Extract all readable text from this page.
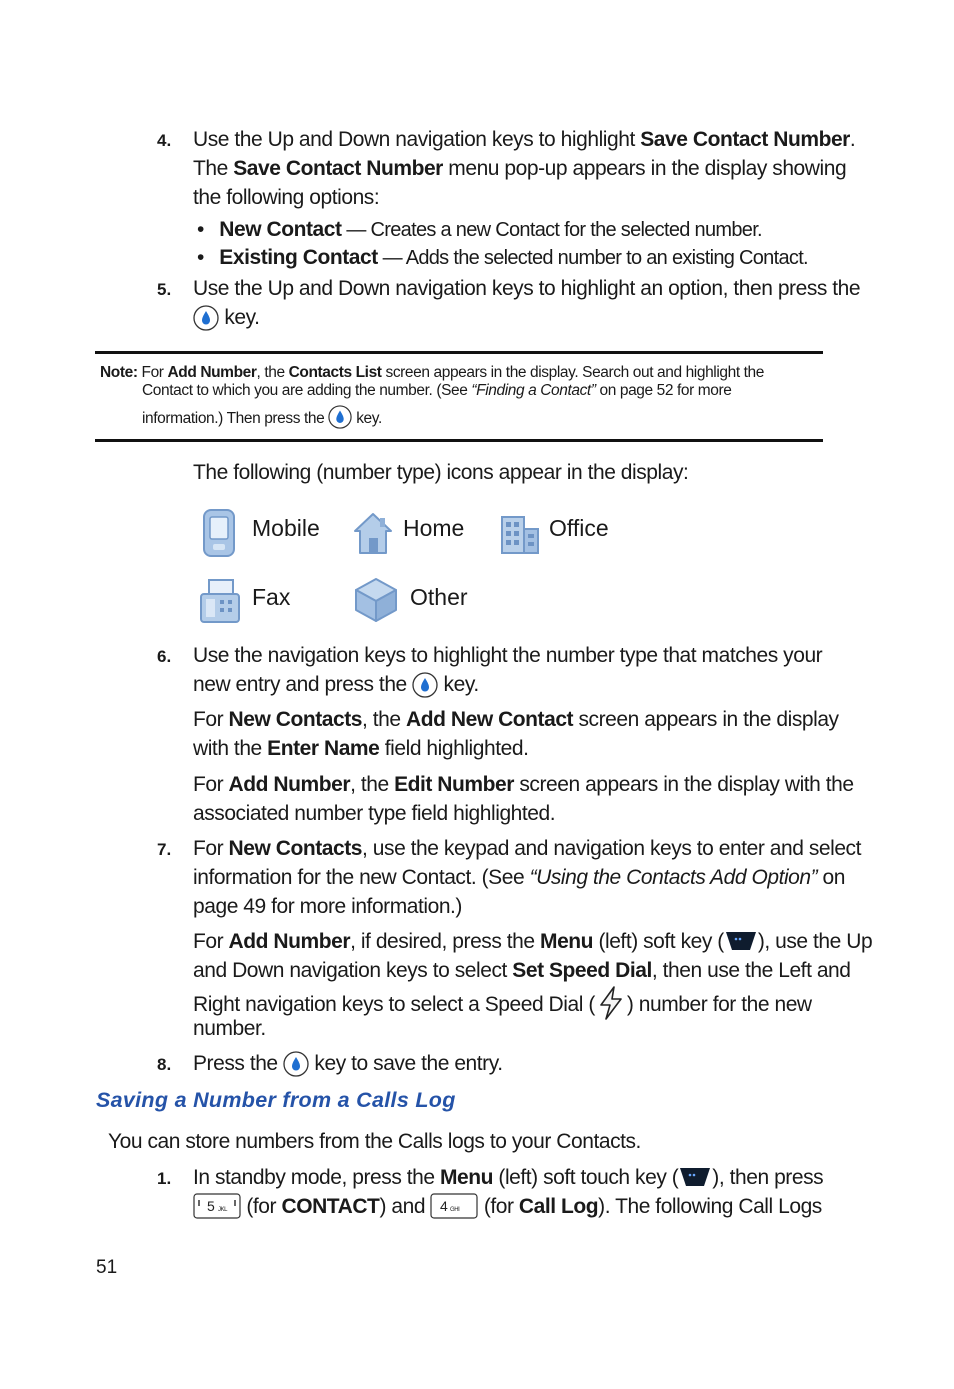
4. Use the Up and Down navigation keys to highlight Save Contact Number.
The Save Contact Number menu pop-up appears in the display showing
the following options:
• New Contact — Creates a new Contact for the selected number.
• Existing Contact — Adds the selected number to an existing Contact.
5. Use the Up and Down navigation keys to highlight an option, then press the
key.
Note: For Add Number, the Contacts List screen appears in the display. Search out and highlight the
Contact to which you are adding the number. (See “Finding a Contact” on page 52 for more
information.) Then press the  key.
The following (number type) icons appear in the display:
Mobile	Home	Office
Fax	Other
6. Use the navigation keys to highlight the number type that matches your
new entry and press the  key.
For New Contacts, the Add New Contact screen appears in the display
with the Enter Name field highlighted.
For Add Number, the Edit Number screen appears in the display with the
associated number type field highlighted.
7. For New Contacts, use the keypad and navigation keys to enter and select
information for the new Contact. (See “Using the Contacts Add Option” on
page 49 for more information.)
For Add Number, if desired, press the Menu (left) soft key ( ), use the Up
and Down navigation keys to select Set Speed Dial, then use the Left and
Right navigation keys to select a Speed Dial ( ) number for the new
number.
8. Press the  key to save the entry.
Saving a Number from a Calls Log
You can store numbers from the Calls logs to your Contacts.
1. In standby mode, press the Menu (left) soft touch key ( ), then press
5 JKL (for CONTACT) and 4 GHI (for Call Log). The following Call Logs
51
